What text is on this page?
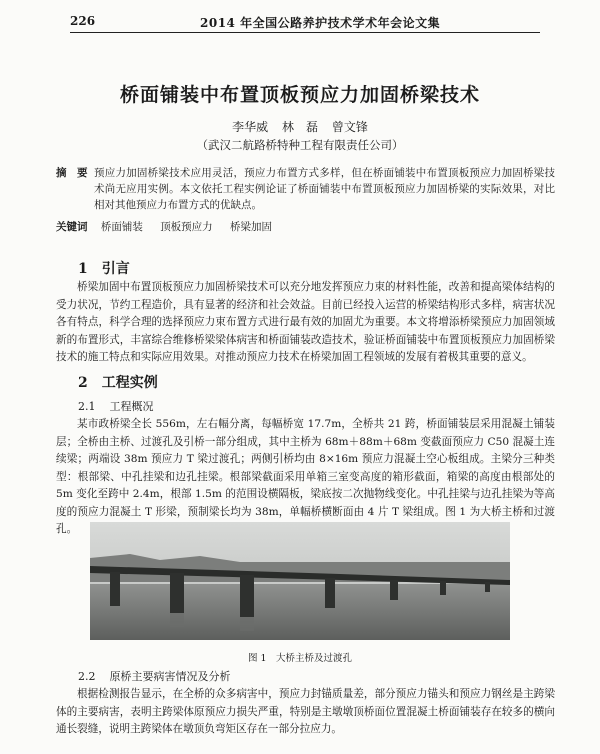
226	2014 年全国公路养护技术学术年会论文集
桥面铺装中布置顶板预应力加固桥梁技术
李华威 林　磊 曾文锋
（武汉二航路桥特种工程有限责任公司）
摘　要 预应力加固桥梁技术应用灵活，预应力布置方式多样，但在桥面铺装中布置顶板预应力加固桥梁技术尚无应用实例。本文依托工程实例论证了桥面铺装中布置顶板预应力加固桥梁的实际效果，对比相对其他预应力布置方式的优缺点。
关键词 桥面铺装 顶板预应力 桥梁加固
1 引言
桥梁加固中布置顶板预应力加固桥梁技术可以充分地发挥预应力束的材料性能，改善和提高梁体结构的受力状况，节约工程造价，具有显著的经济和社会效益。目前已经投入运营的桥梁结构形式多样，病害状况各有特点，科学合理的选择预应力束布置方式进行最有效的加固尤为重要。本文将增添桥梁预应力加固领域新的布置形式，丰富综合维修桥梁梁体病害和桥面铺装改造技术，验证桥面铺装中布置顶板预应力加固桥梁技术的施工特点和实际应用效果。对推动预应力技术在桥梁加固工程领域的发展有着极其重要的意义。
2 工程实例
2.1 工程概况
某市政桥梁全长 556m，左右幅分离，每幅桥宽 17.7m，全桥共 21 跨，桥面铺装层采用混凝土铺装层；全桥由主桥、过渡孔及引桥一部分组成，其中主桥为 68m＋88m＋68m 变截面预应力 C50 混凝土连续梁；两端设 38m 预应力 T 梁过渡孔；两侧引桥均由 8×16m 预应力混凝土空心板组成。主梁分三种类型：根部梁、中孔挂梁和边孔挂梁。根部梁截面采用单箱三室变高度的箱形截面，箱梁的高度由根部处的 5m 变化至跨中 2.4m，根部 1.5m 的范围设横隔板，梁底按二次抛物线变化。中孔挂梁与边孔挂梁为等高度的预应力混凝土 T 形梁，预制梁长均为 38m，单幅桥横断面由 4 片 T 梁组成。图 1 为大桥主桥和过渡孔。
图 1　大桥主桥及过渡孔
2.2 原桥主要病害情况及分析
根据检测报告显示，在全桥的众多病害中，预应力封锚质量差，部分预应力锚头和预应力钢丝是主跨梁体的主要病害，表明主跨梁体原预应力损失严重，特别是主墩墩顶桥面位置混凝土桥面铺装存在较多的横向通长裂缝，说明主跨梁体在墩顶负弯矩区存在一部分拉应力。
